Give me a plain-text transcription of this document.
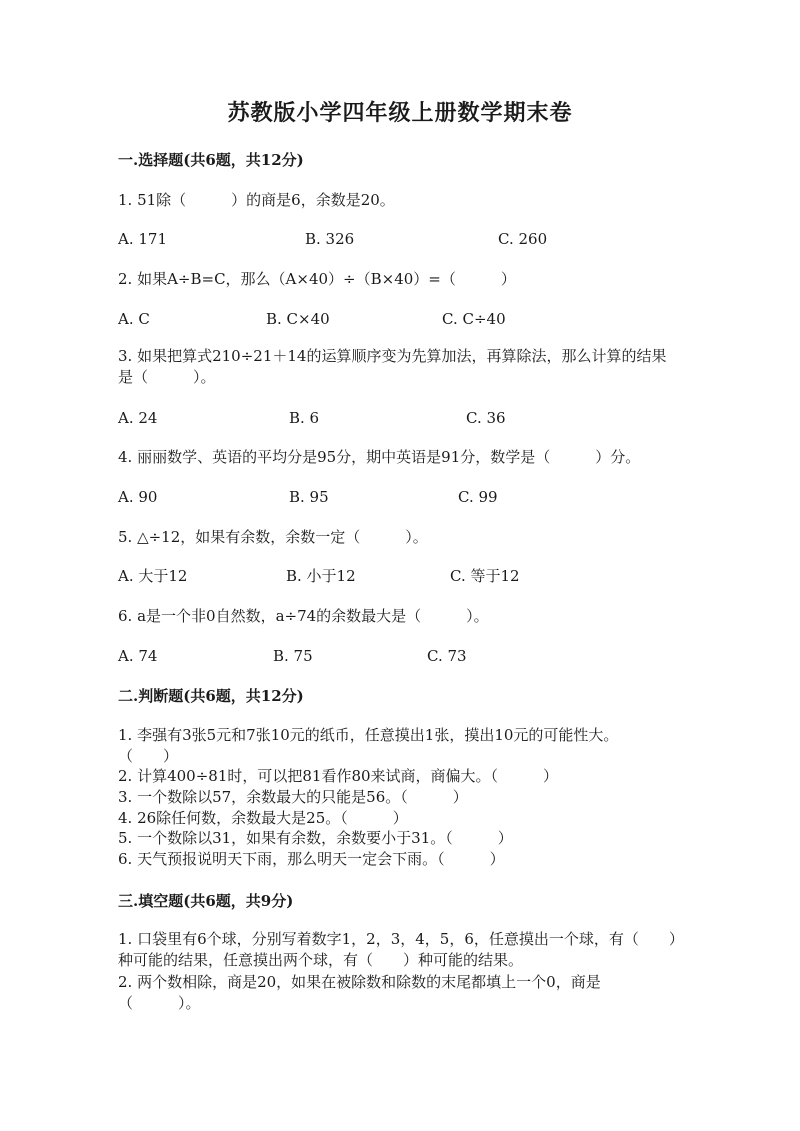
苏教版小学四年级上册数学期末卷
一.选择题(共6题，共12分)
1. 51除（　　　）的商是6，余数是20。
A. 171	B. 326	C. 260
2. 如果A÷B=C，那么（A×40）÷（B×40）=（　　　）
A. C	B. C×40	C. C÷40
3. 如果把算式210÷21＋14的运算顺序变为先算加法，再算除法，那么计算的结果是（　　　）。
A. 24	B. 6	C. 36
4. 丽丽数学、英语的平均分是95分，期中英语是91分，数学是（　　　）分。
A. 90	B. 95	C. 99
5. △÷12，如果有余数，余数一定（　　　）。
A. 大于12	B. 小于12	C. 等于12
6. a是一个非0自然数，a÷74的余数最大是（　　　）。
A. 74	B. 75	C. 73
二.判断题(共6题，共12分)
1. 李强有3张5元和7张10元的纸币，任意摸出1张，摸出10元的可能性大。　　　（　　）
2. 计算400÷81时，可以把81看作80来试商，商偏大。（　　　）
3. 一个数除以57，余数最大的只能是56。（　　　）
4. 26除任何数，余数最大是25。（　　　）
5. 一个数除以31，如果有余数，余数要小于31。（　　　）
6. 天气预报说明天下雨，那么明天一定会下雨。（　　　）
三.填空题(共6题，共9分)
1. 口袋里有6个球，分别写着数字1，2，3，4，5，6，任意摸出一个球，有（　　）种可能的结果，任意摸出两个球，有（　　）种可能的结果。
2. 两个数相除，商是20，如果在被除数和除数的末尾都填上一个0，商是（　　　）。
